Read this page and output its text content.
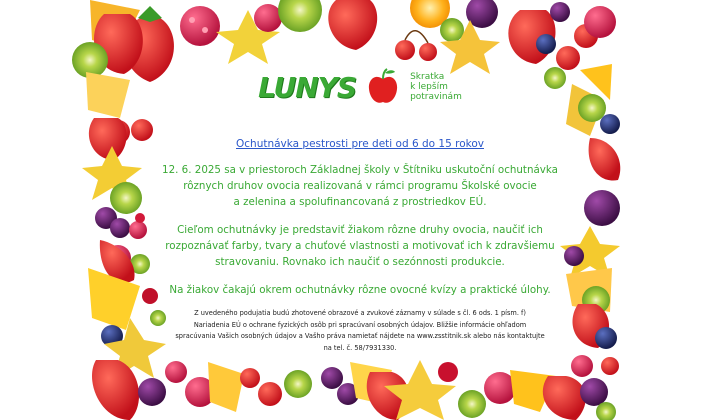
LUNYS	Skratka
k lepším
potravinám
Ochutnávka pestrosti pre deti od 6 do 15 rokov
12. 6. 2025 sa v priestoroch Základnej školy v Štítniku uskutoční ochutnávka
rôznych druhov ovocia realizovaná v rámci programu Školské ovocie
a zelenina a spolufinancovaná z prostriedkov EÚ.
Cieľom ochutnávky je predstaviť žiakom rôzne druhy ovocia, naučiť ich
rozpoznávať farby, tvary a chuťové vlastnosti a motivovať ich k zdravšiemu
stravovaniu. Rovnako ich naučiť o sezónnosti produkcie.
Na žiakov čakajú okrem ochutnávky rôzne ovocné kvízy a praktické úlohy.
Z uvedeného podujatia budú zhotovené obrazové a zvukové záznamy v súlade s čl. 6 ods. 1 písm. f)
Nariadenia EÚ o ochrane fyzických osôb pri spracúvaní osobných údajov. Bližšie informácie ohľadom
spracúvania Vašich osobných údajov a Vašho práva namietať nájdete na www.zsstitnik.sk alebo nás kontaktujte
na tel. č. 58/7931330.
